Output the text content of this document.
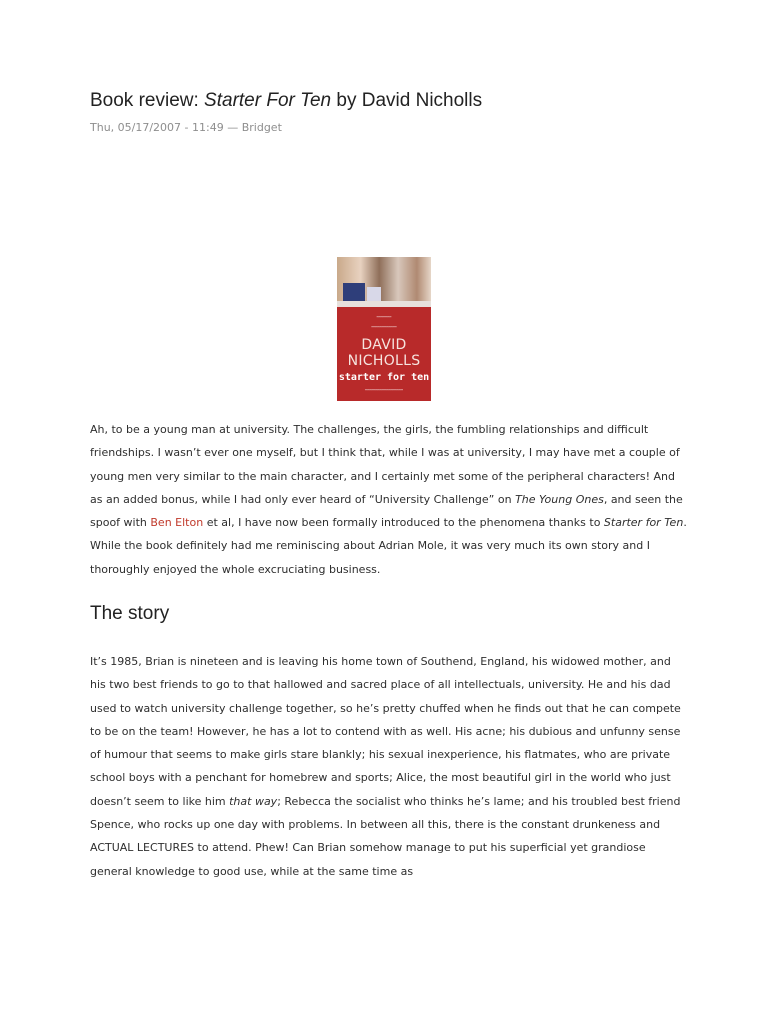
Book review: Starter For Ten by David Nicholls
Thu, 05/17/2007 - 11:49 — Bridget
━━━━━━━
━━━━━━━━━━━━
DAVID
NICHOLLS
starter for ten
━━━━━━━━━━━━━━━━━━

Ah, to be a young man at university. The challenges, the girls, the fumbling relationships and difficult friendships. I wasn’t ever one myself, but I think that, while I was at university, I may have met a couple of young men very similar to the main character, and I certainly met some of the peripheral characters! And as an added bonus, while I had only ever heard of “University Challenge” on The Young Ones, and seen the spoof with Ben Elton et al, I have now been formally introduced to the phenomena thanks to Starter for Ten. While the book definitely had me reminiscing about Adrian Mole, it was very much its own story and I thoroughly enjoyed the whole excruciating business.

The story

It’s 1985, Brian is nineteen and is leaving his home town of Southend, England, his widowed mother, and his two best friends to go to that hallowed and sacred place of all intellectuals, university. He and his dad used to watch university challenge together, so he’s pretty chuffed when he finds out that he can compete to be on the team! However, he has a lot to contend with as well. His acne; his dubious and unfunny sense of humour that seems to make girls stare blankly; his sexual inexperience, his flatmates, who are private school boys with a penchant for homebrew and sports; Alice, the most beautiful girl in the world who just doesn’t seem to like him that way; Rebecca the socialist who thinks he’s lame; and his troubled best friend Spence, who rocks up one day with problems. In between all this, there is the constant drunkeness and ACTUAL LECTURES to attend. Phew! Can Brian somehow manage to put his superficial yet grandiose general knowledge to good use, while at the same time as
